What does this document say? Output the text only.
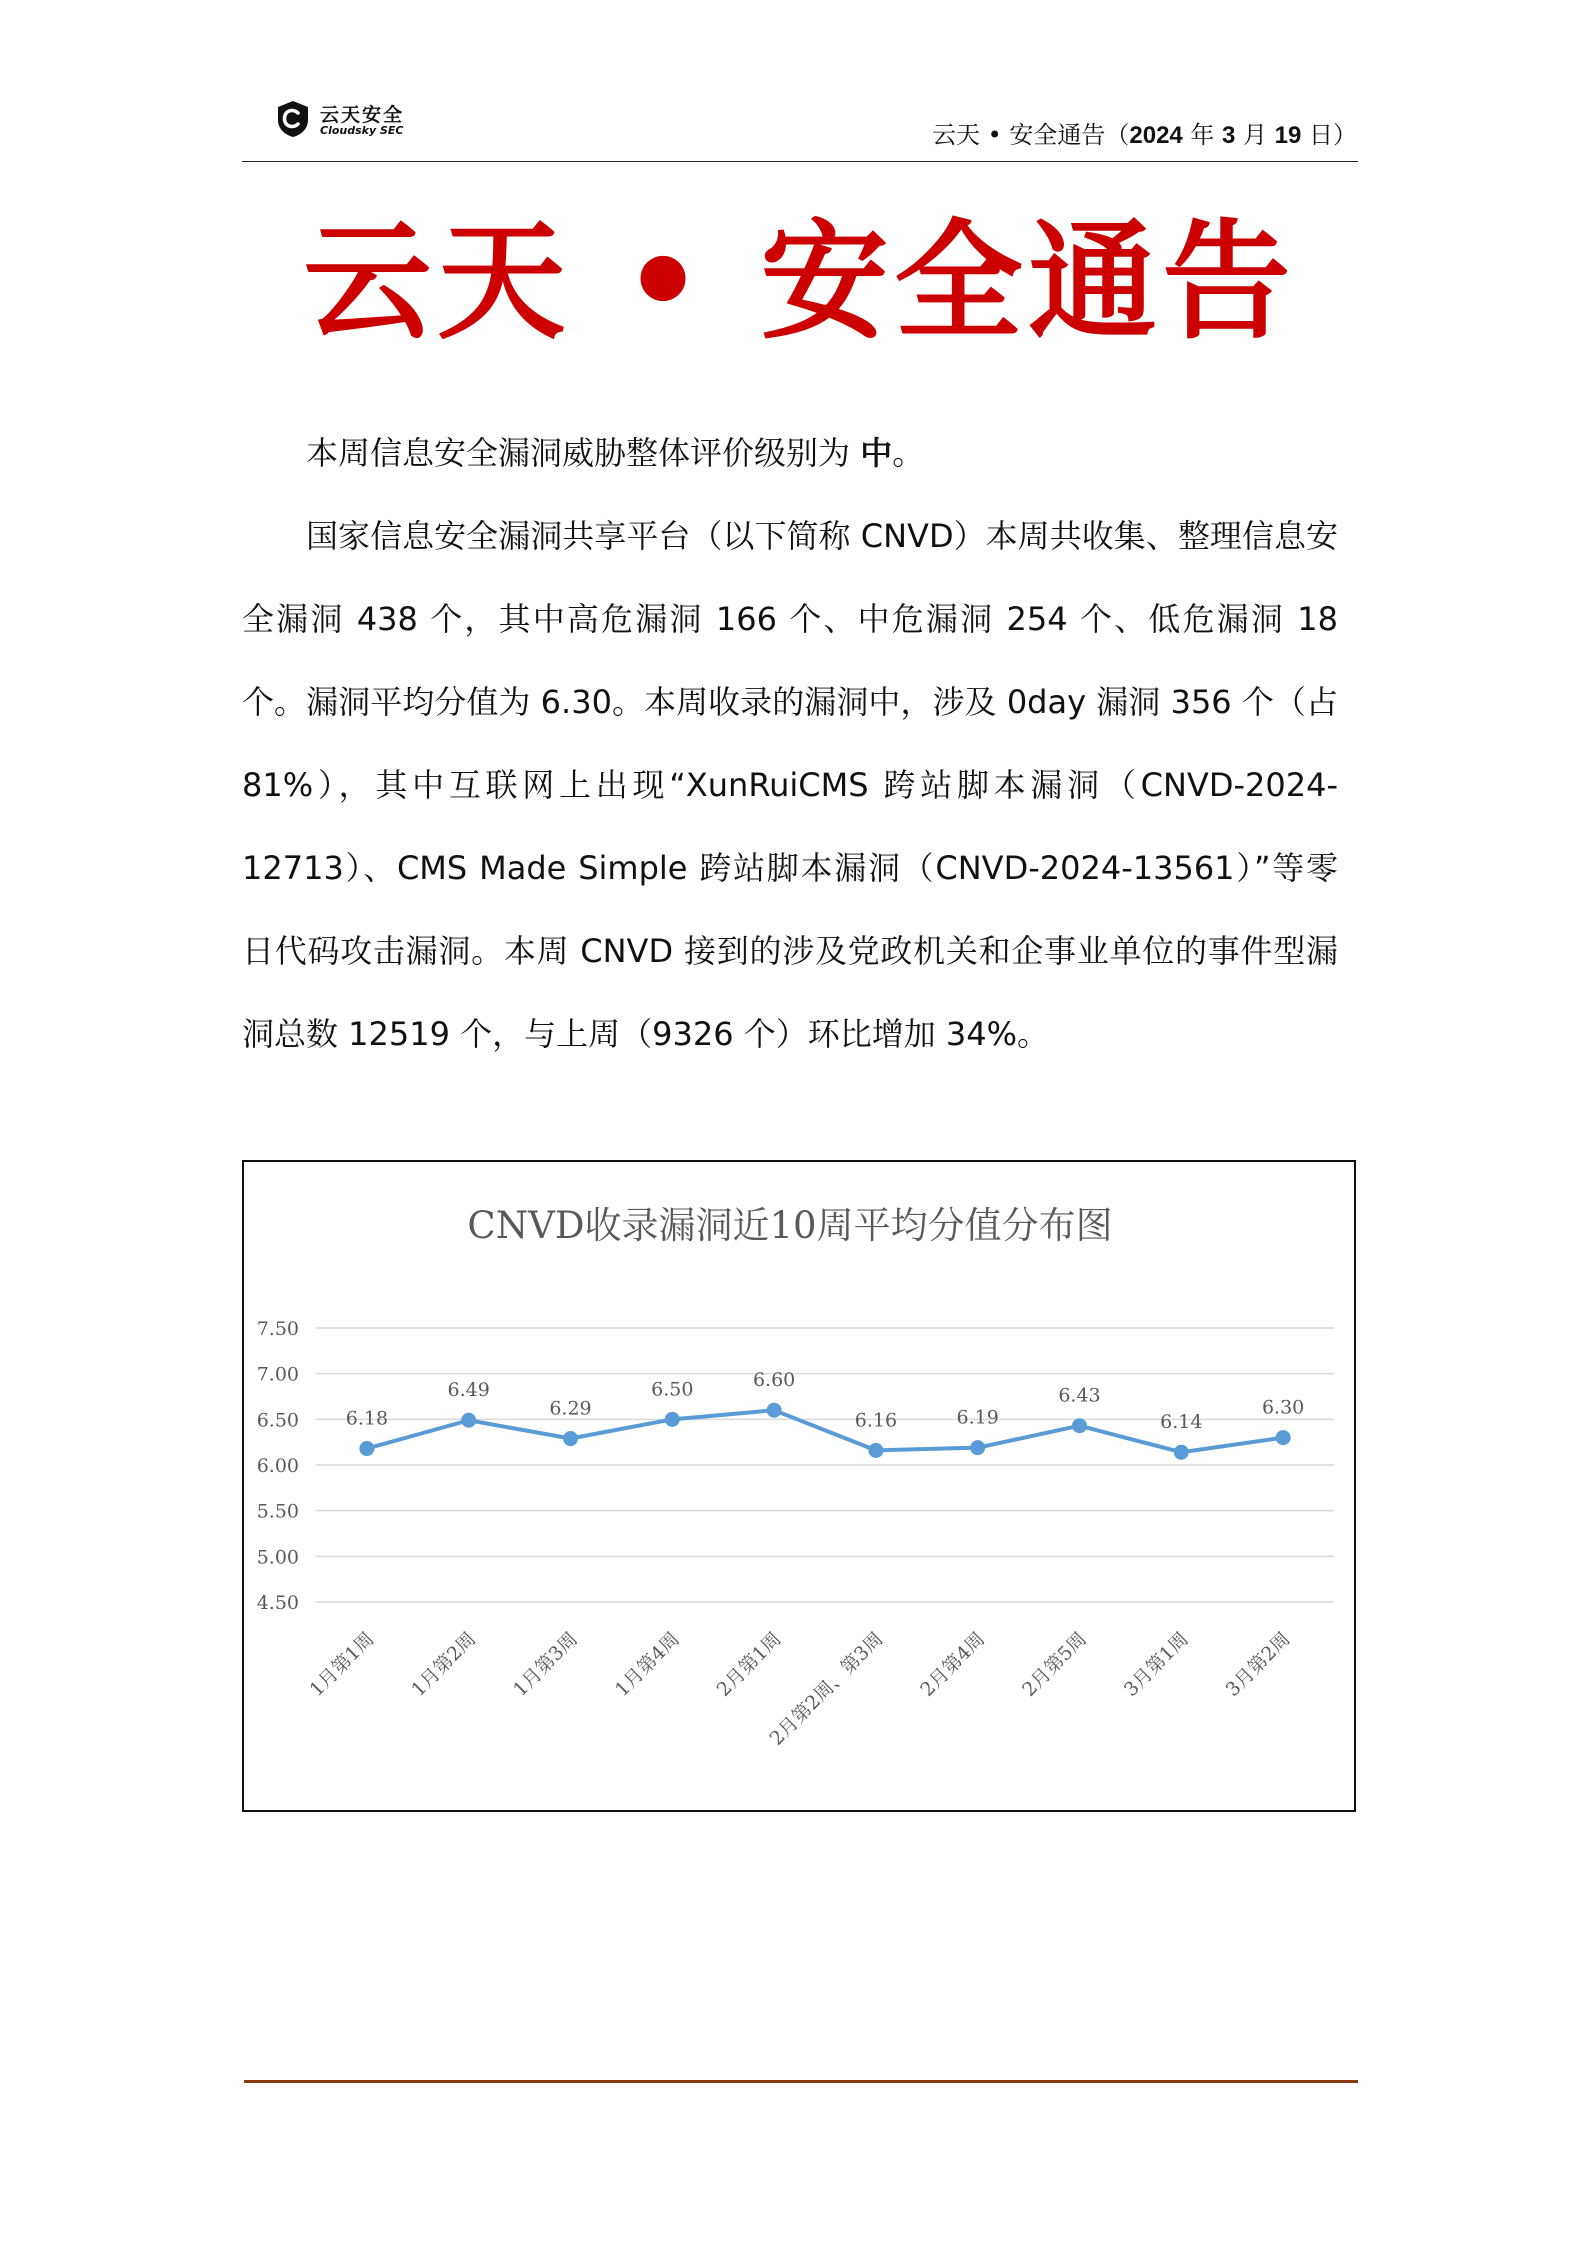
云天安全
Cloudsky SEC	云天 • 安全通告（2024 年 3 月 19 日）
云天 • 安全通告

本周信息安全漏洞威胁整体评价级别为 中。

国家信息安全漏洞共享平台（以下简称 CNVD）本周共收集、整理信息安全漏洞 438 个，其中高危漏洞 166 个、中危漏洞 254 个、低危漏洞 18 个。漏洞平均分值为 6.30。本周收录的漏洞中，涉及 0day 漏洞 356 个（占 81%），其中互联网上出现“XunRuiCMS 跨站脚本漏洞（CNVD-2024-12713）、CMS Made Simple 跨站脚本漏洞（CNVD-2024-13561）”等零日代码攻击漏洞。本周 CNVD 接到的涉及党政机关和企事业单位的事件型漏洞总数 12519 个，与上周（9326 个）环比增加 34%。

CNVD收录漏洞近10周平均分值分布图
7.50
7.00
6.50
6.00
5.50
5.00
4.50
6.18
6.49
6.29
6.50	6.60
6.16	6.19
6.43
6.14
6.30
1月第1周 1月第2周 1月第3周 1月第4周 2月第1周
2月第2周、第3周 2月第4周 2月第5周 3月第1周 3月第2周
